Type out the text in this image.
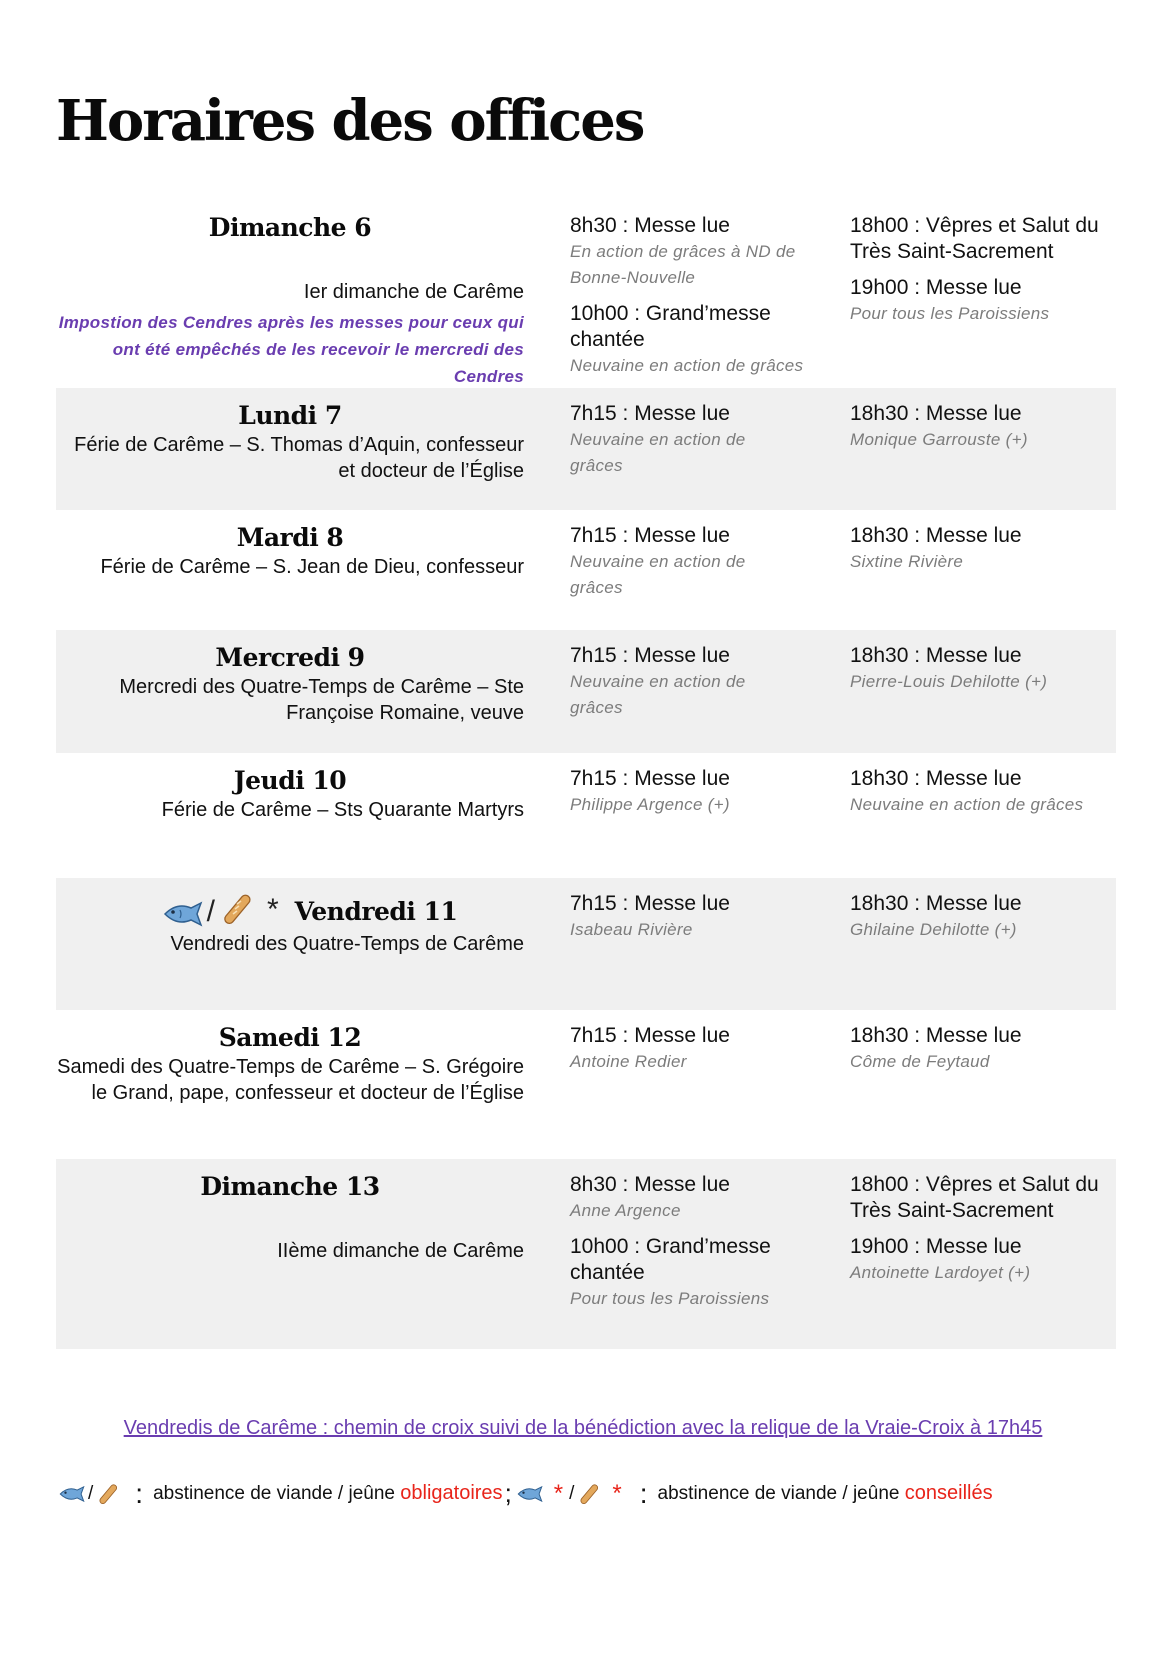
Horaires des offices
Dimanche 6
Ier dimanche de Carême
Impostion des Cendres après les messes pour ceux qui ont été empêchés de les recevoir le mercredi des Cendres
8h30 : Messe lue
En action de grâces à ND de Bonne-Nouvelle
10h00 : Grand’messe chantée
Neuvaine en action de grâces
18h00 : Vêpres et Salut du Très Saint-Sacrement
19h00 : Messe lue
Pour tous les Paroissiens
Lundi 7
Férie de Carême – S. Thomas d’Aquin, confesseur et docteur de l’Église
7h15 : Messe lue
Neuvaine en action de grâces
18h30 : Messe lue
Monique Garrouste (+)
Mardi 8
Férie de Carême – S. Jean de Dieu, confesseur
7h15 : Messe lue
Neuvaine en action de grâces
18h30 : Messe lue
Sixtine Rivière
Mercredi 9
Mercredi des Quatre-Temps de Carême – Ste Françoise Romaine, veuve
7h15 : Messe lue
Neuvaine en action de grâces
18h30 : Messe lue
Pierre-Louis Dehilotte (+)
Jeudi 10
Férie de Carême – Sts Quarante Martyrs
7h15 : Messe lue
Philippe Argence (+)
18h30 : Messe lue
Neuvaine en action de grâces
/ * Vendredi 11
Vendredi des Quatre-Temps de Carême
7h15 : Messe lue
Isabeau Rivière
18h30 : Messe lue
Ghilaine Dehilotte (+)
Samedi 12
Samedi des Quatre-Temps de Carême – S. Grégoire le Grand, pape, confesseur et docteur de l’Église
7h15 : Messe lue
Antoine Redier
18h30 : Messe lue
Côme de Feytaud
Dimanche 13
IIème dimanche de Carême
8h30 : Messe lue
Anne Argence
10h00 : Grand’messe chantée
Pour tous les Paroissiens
18h00 : Vêpres et Salut du Très Saint-Sacrement
19h00 : Messe lue
Antoinette Lardoyet (+)
Vendredis de Carême : chemin de croix suivi de la bénédiction avec la relique de la Vraie-Croix à 17h45
/ : abstinence de viande / jeûne
obligatoires ; * / * : abstinence de viande / jeûne
conseillés
